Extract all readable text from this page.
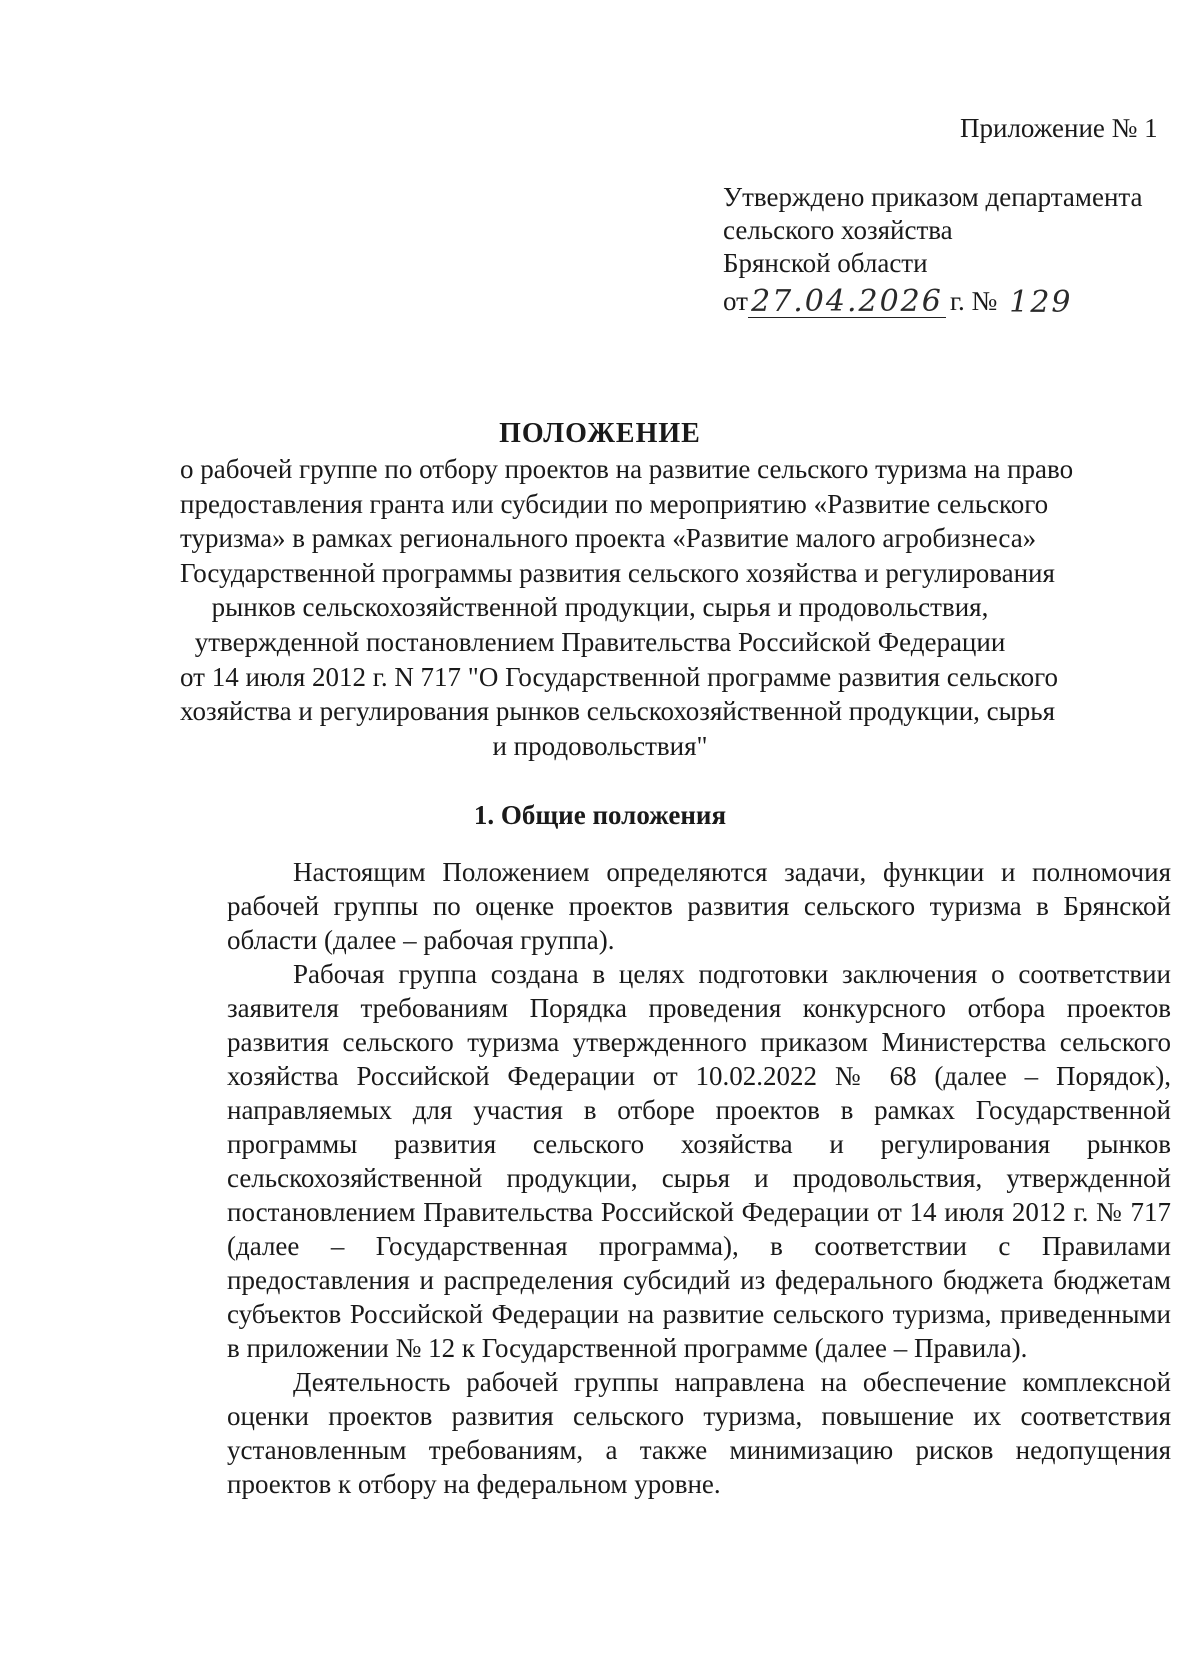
Приложение № 1
Утверждено приказом департамента
сельского хозяйства
Брянской области
от 27.04.2026 г. № 129
ПОЛОЖЕНИЕ
о рабочей группе по отбору проектов на развитие сельского туризма на право
предоставления гранта или субсидии по мероприятию «Развитие сельского
туризма» в рамках регионального проекта «Развитие малого агробизнеса»
Государственной программы развития сельского хозяйства и регулирования
рынков сельскохозяйственной продукции, сырья и продовольствия,
утвержденной постановлением Правительства Российской Федерации
от 14 июля 2012 г. N 717 "О Государственной программе развития сельского
хозяйства и регулирования рынков сельскохозяйственной продукции, сырья
и продовольствия"
1. Общие положения

Настоящим Положением определяются задачи, функции и полномочия рабочей группы по оценке проектов развития сельского туризма в Брянской области (далее – рабочая группа).

Рабочая группа создана в целях подготовки заключения о соответствии заявителя требованиям Порядка проведения конкурсного отбора проектов развития сельского туризма утвержденного приказом Министерства сельского хозяйства Российской Федерации от 10.02.2022 № 68 (далее – Порядок), направляемых для участия в отборе проектов в рамках Государственной программы развития сельского хозяйства и регулирования рынков сельскохозяйственной продукции, сырья и продовольствия, утвержденной постановлением Правительства Российской Федерации от 14 июля 2012 г. № 717 (далее – Государственная программа), в соответствии с Правилами предоставления и распределения субсидий из федерального бюджета бюджетам субъектов Российской Федерации на развитие сельского туризма, приведенными в приложении № 12 к Государственной программе (далее – Правила).

Деятельность рабочей группы направлена на обеспечение комплексной оценки проектов развития сельского туризма, повышение их соответствия установленным требованиям, а также минимизацию рисков недопущения проектов к отбору на федеральном уровне.
